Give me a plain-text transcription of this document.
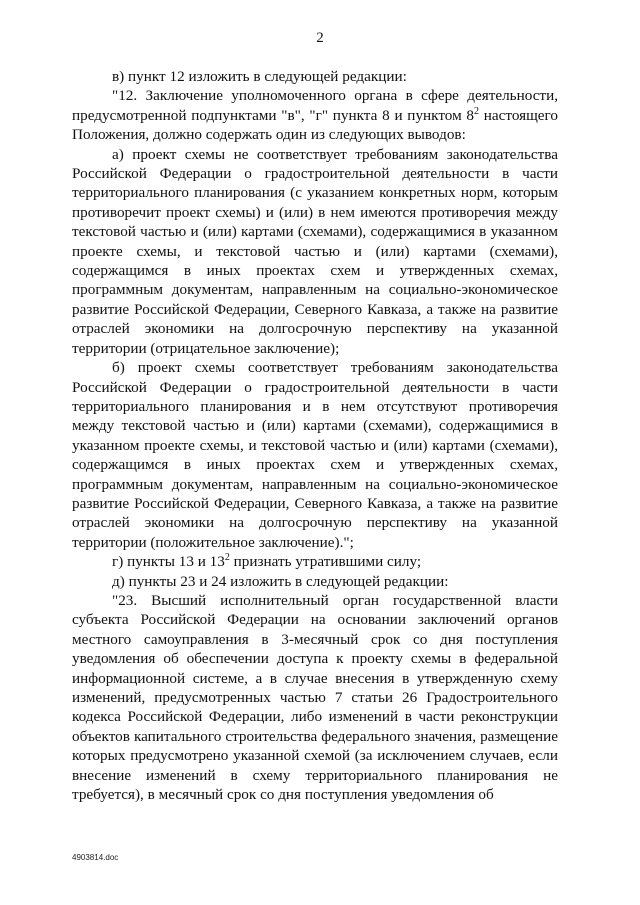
2

в) пункт 12 изложить в следующей редакции:

"12. Заключение уполномоченного органа в сфере деятельности, предусмотренной подпунктами "в", "г" пункта 8 и пунктом $8^2$ настоящего Положения, должно содержать один из следующих выводов:

а) проект схемы не соответствует требованиям законодательства Российской Федерации о градостроительной деятельности в части территориального планирования (с указанием конкретных норм, которым противоречит проект схемы) и (или) в нем имеются противоречия между текстовой частью и (или) картами (схемами), содержащимися в указанном проекте схемы, и текстовой частью и (или) картами (схемами), содержащимся в иных проектах схем и утвержденных схемах, программным документам, направленным на социально-экономическое развитие Российской Федерации, Северного Кавказа, а также на развитие отраслей экономики на долгосрочную перспективу на указанной территории (отрицательное заключение);

б) проект схемы соответствует требованиям законодательства Российской Федерации о градостроительной деятельности в части территориального планирования и в нем отсутствуют противоречия между текстовой частью и (или) картами (схемами), содержащимися в указанном проекте схемы, и текстовой частью и (или) картами (схемами), содержащимся в иных проектах схем и утвержденных схемах, программным документам, направленным на социально-экономическое развитие Российской Федерации, Северного Кавказа, а также на развитие отраслей экономики на долгосрочную перспективу на указанной территории (положительное заключение).";

г) пункты 13 и $13^2$ признать утратившими силу;

д) пункты 23 и 24 изложить в следующей редакции:

"23. Высший исполнительный орган государственной власти субъекта Российской Федерации на основании заключений органов местного самоуправления в 3-месячный срок со дня поступления уведомления об обеспечении доступа к проекту схемы в федеральной информационной системе, а в случае внесения в утвержденную схему изменений, предусмотренных частью 7 статьи 26 Градостроительного кодекса Российской Федерации, либо изменений в части реконструкции объектов капитального строительства федерального значения, размещение которых предусмотрено указанной схемой (за исключением случаев, если внесение изменений в схему территориального планирования не требуется), в месячный срок со дня поступления уведомления об

4903814.doc
